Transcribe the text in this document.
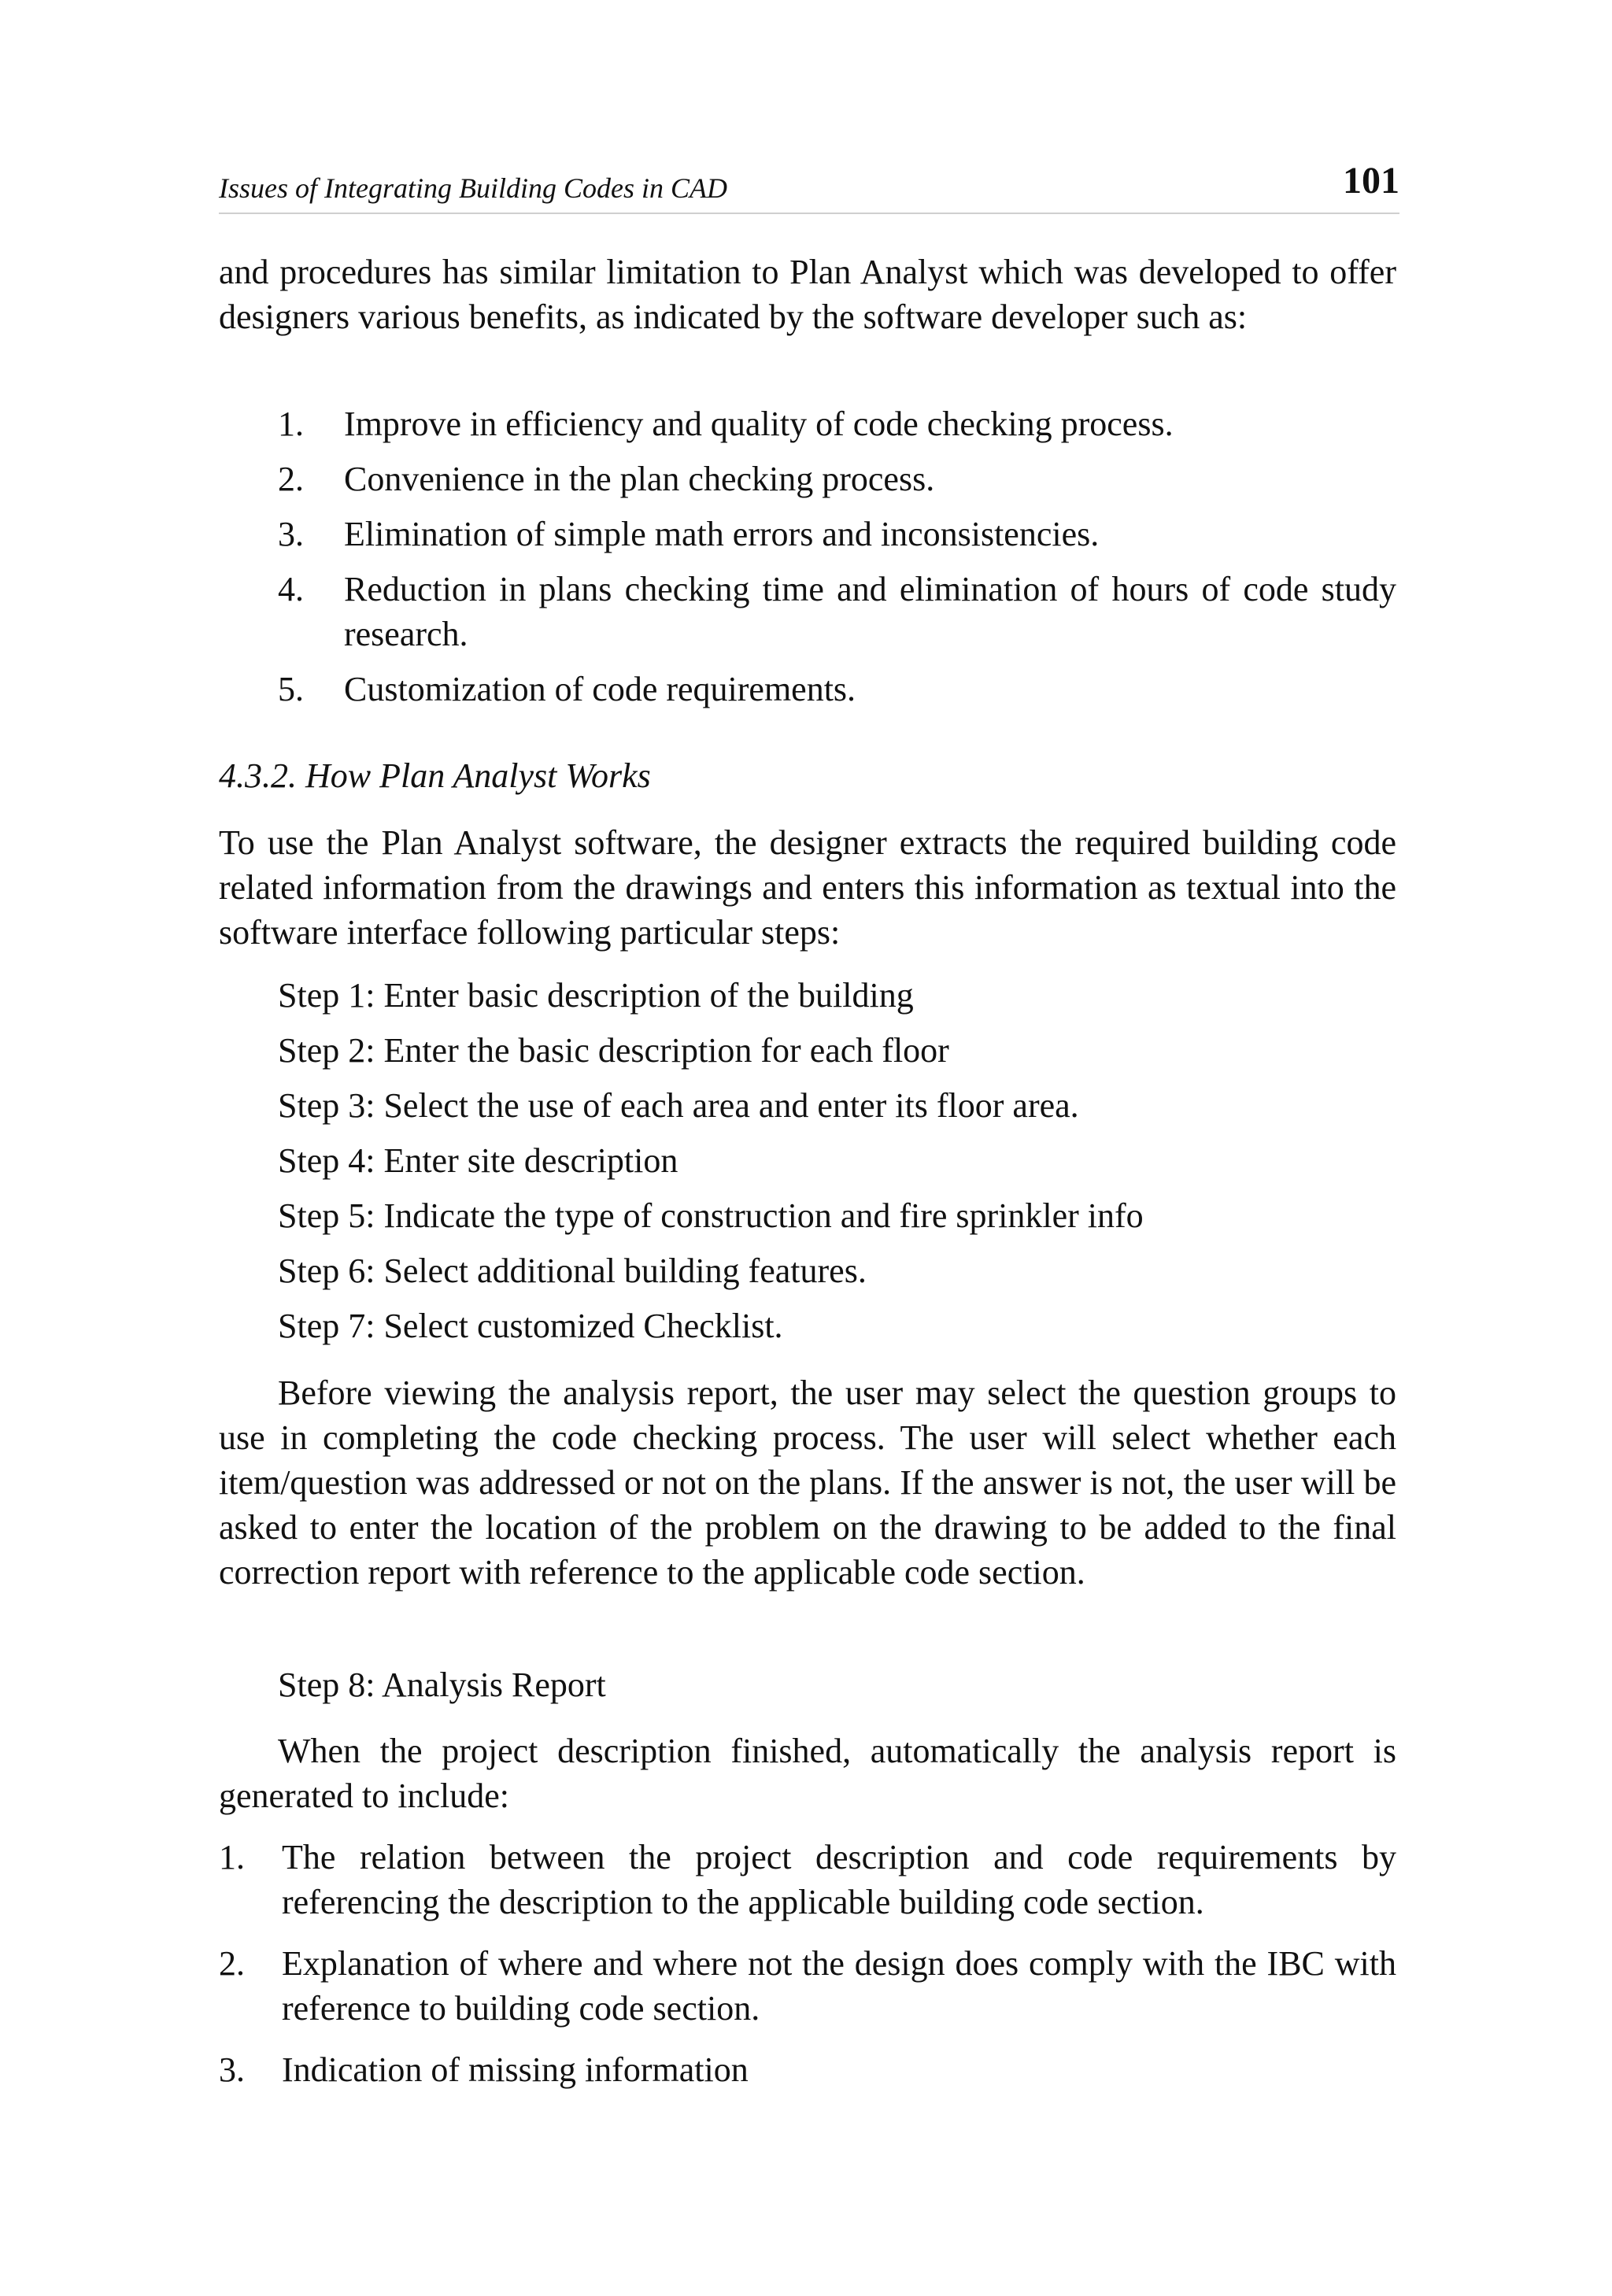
Issues of Integrating Building Codes in CAD	101

and procedures has similar limitation to Plan Analyst which was developed to offer designers various benefits, as indicated by the software developer such as:

1. Improve in efficiency and quality of code checking process.
2. Convenience in the plan checking process.
3. Elimination of simple math errors and inconsistencies.
4. Reduction in plans checking time and elimination of hours of code study research.
5. Customization of code requirements.
4.3.2. How Plan Analyst Works

To use the Plan Analyst software, the designer extracts the required building code related information from the drawings and enters this information as textual into the software interface following particular steps:

Step 1: Enter basic description of the building
Step 2: Enter the basic description for each floor
Step 3: Select the use of each area and enter its floor area.
Step 4: Enter site description
Step 5: Indicate the type of construction and fire sprinkler info
Step 6: Select additional building features.
Step 7: Select customized Checklist.

Before viewing the analysis report, the user may select the question groups to use in completing the code checking process. The user will select whether each item/question was addressed or not on the plans. If the answer is not, the user will be asked to enter the location of the problem on the drawing to be added to the final correction report with reference to the applicable code section.

Step 8: Analysis Report

When the project description finished, automatically the analysis report is generated to include:

1. The relation between the project description and code requirements by referencing the description to the applicable building code section.
2. Explanation of where and where not the design does comply with the IBC with reference to building code section.
3. Indication of missing information
